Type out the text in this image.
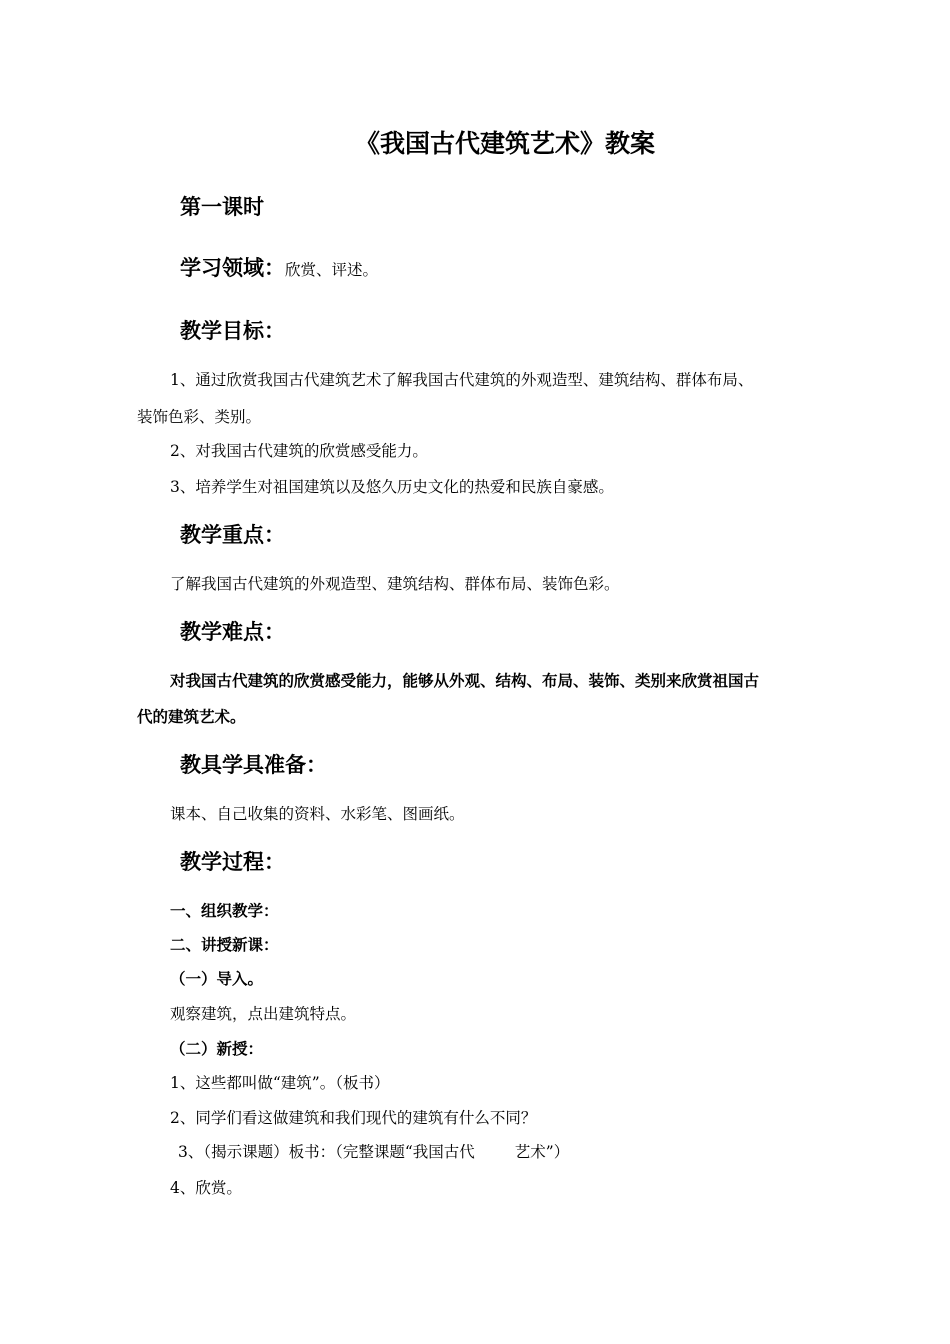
《我国古代建筑艺术》教案
第一课时
学习领域：欣赏、评述。
教学目标：
1、通过欣赏我国古代建筑艺术了解我国古代建筑的外观造型、建筑结构、群体布局、
装饰色彩、类别。
2、对我国古代建筑的欣赏感受能力。
3、培养学生对祖国建筑以及悠久历史文化的热爱和民族自豪感。
教学重点：
了解我国古代建筑的外观造型、建筑结构、群体布局、装饰色彩。
教学难点：
对我国古代建筑的欣赏感受能力，能够从外观、结构、布局、装饰、类别来欣赏祖国古
代的建筑艺术。
教具学具准备：
课本、自己收集的资料、水彩笔、图画纸。
教学过程：
一、组织教学：
二、讲授新课：
（一）导入。
观察建筑，点出建筑特点。
（二）新授：
1、这些都叫做“建筑”。（板书）
2、同学们看这做建筑和我们现代的建筑有什么不同？
3、（揭示课题）板书：（完整课题“我国古代	艺术”）
4、欣赏。
